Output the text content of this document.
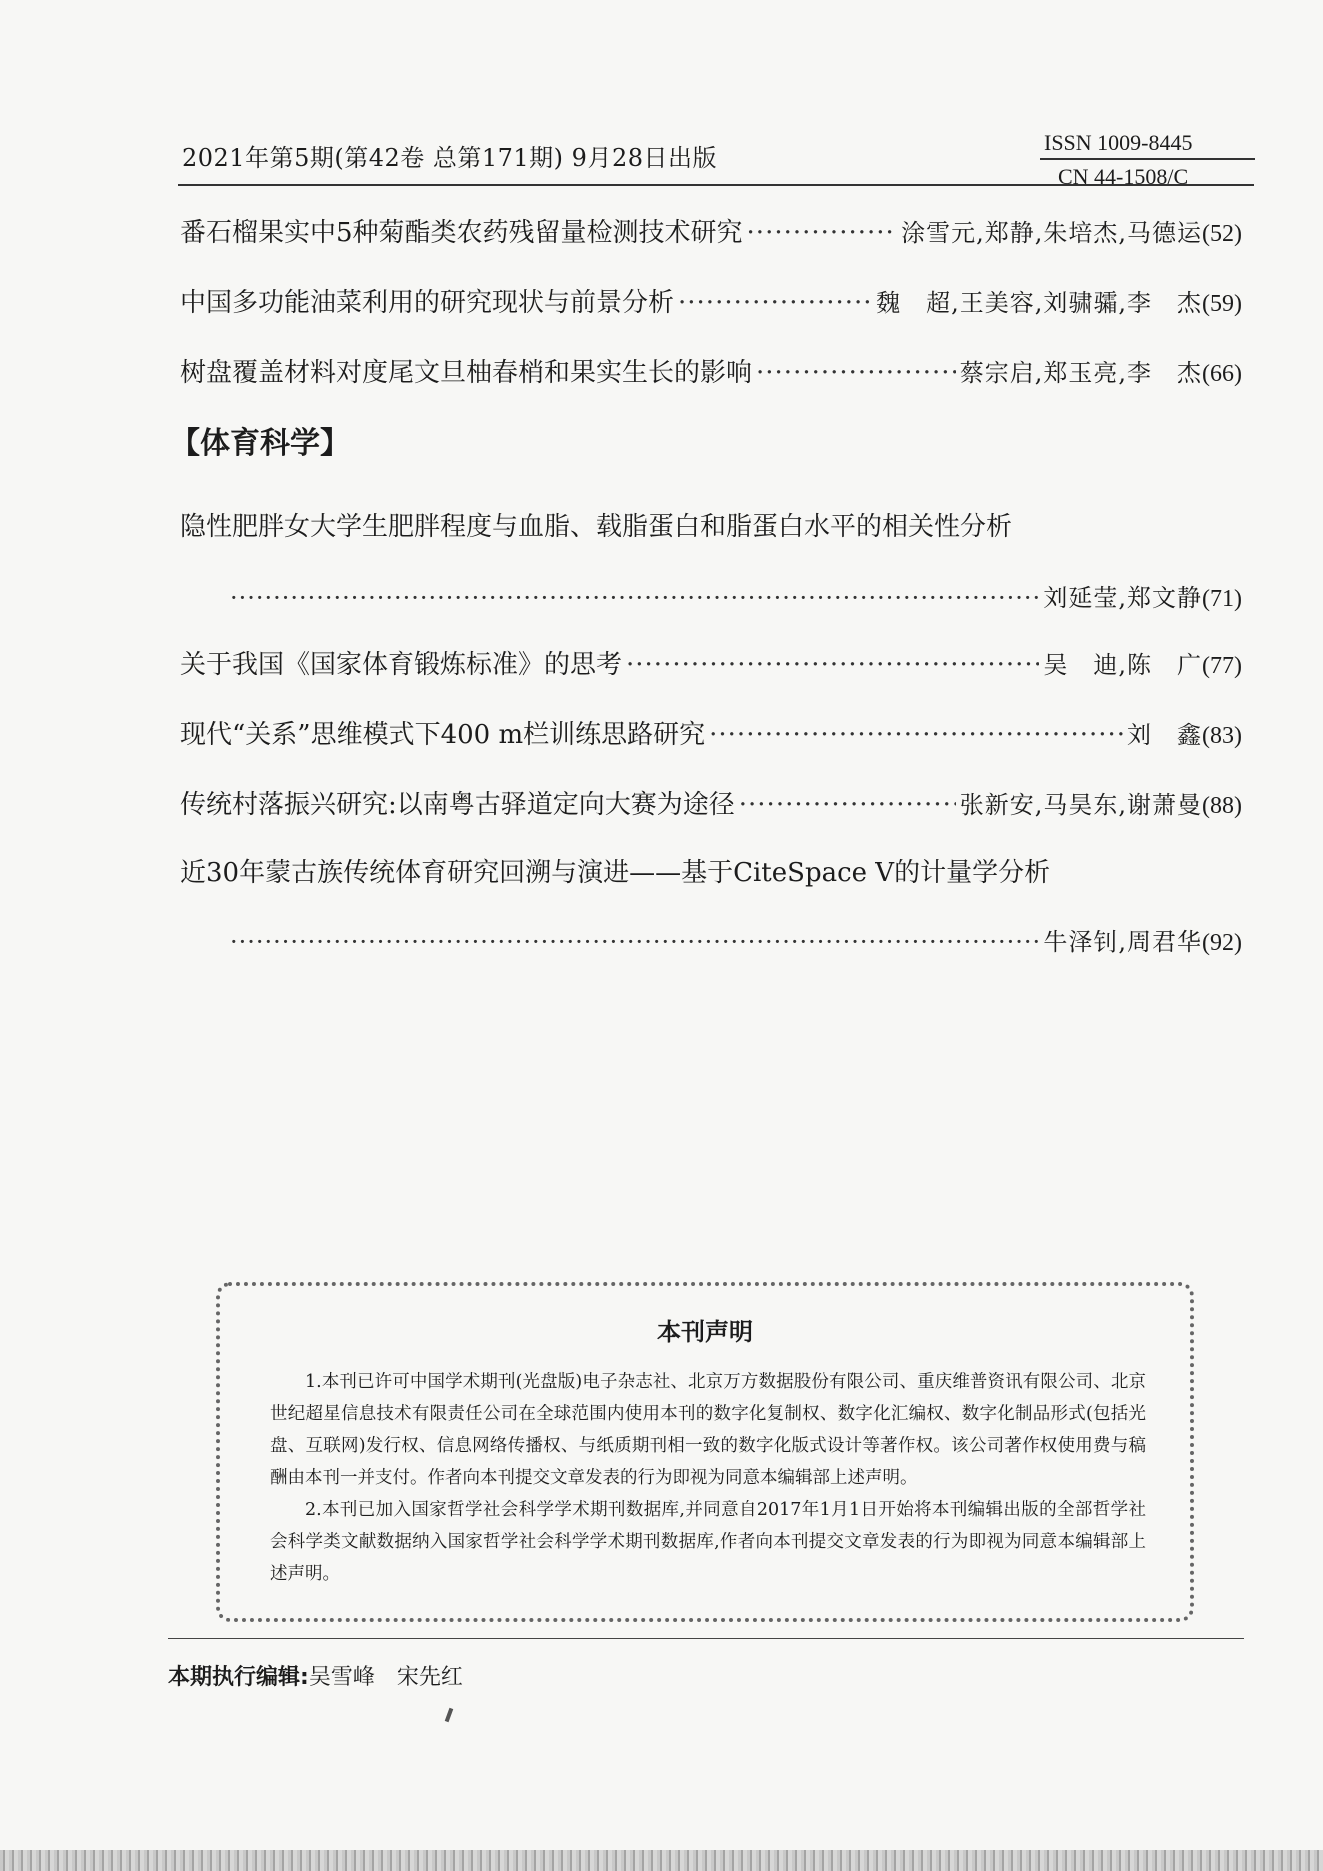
2021年第5期(第42卷 总第171期) 9月28日出版
ISSN 1009-8445
CN 44-1508/C
番石榴果实中5种菊酯类农药残留量检测技术研究 ·····	涂雪元,郑静,朱培杰,马德运 (52)
中国多功能油菜利用的研究现状与前景分析 ·····	魏　超,王美容,刘骕骦,李　杰 (59)
树盘覆盖材料对度尾文旦柚春梢和果实生长的影响 ·····	蔡宗启,郑玉亮,李　杰 (66)
【体育科学】
隐性肥胖女大学生肥胖程度与血脂、载脂蛋白和脂蛋白水平的相关性分析
·····
刘延莹,郑文静 (71)
关于我国《国家体育锻炼标准》的思考 ·····	吴　迪,陈　广 (77)
现代“关系”思维模式下400 m栏训练思路研究 ·····	刘　鑫 (83)
传统村落振兴研究:以南粤古驿道定向大赛为途径 ·····	张新安,马昊东,谢萧曼 (88)
近30年蒙古族传统体育研究回溯与演进——基于CiteSpace Ⅴ的计量学分析
·····
牛泽钊,周君华 (92)
本刊声明

1.本刊已许可中国学术期刊(光盘版)电子杂志社、北京万方数据股份有限公司、重庆维普资讯有限公司、北京世纪超星信息技术有限责任公司在全球范围内使用本刊的数字化复制权、数字化汇编权、数字化制品形式(包括光盘、互联网)发行权、信息网络传播权、与纸质期刊相一致的数字化版式设计等著作权。该公司著作权使用费与稿酬由本刊一并支付。作者向本刊提交文章发表的行为即视为同意本编辑部上述声明。

2.本刊已加入国家哲学社会科学学术期刊数据库,并同意自2017年1月1日开始将本刊编辑出版的全部哲学社会科学类文献数据纳入国家哲学社会科学学术期刊数据库,作者向本刊提交文章发表的行为即视为同意本编辑部上述声明。

本期执行编辑:吴雪峰　宋先红
